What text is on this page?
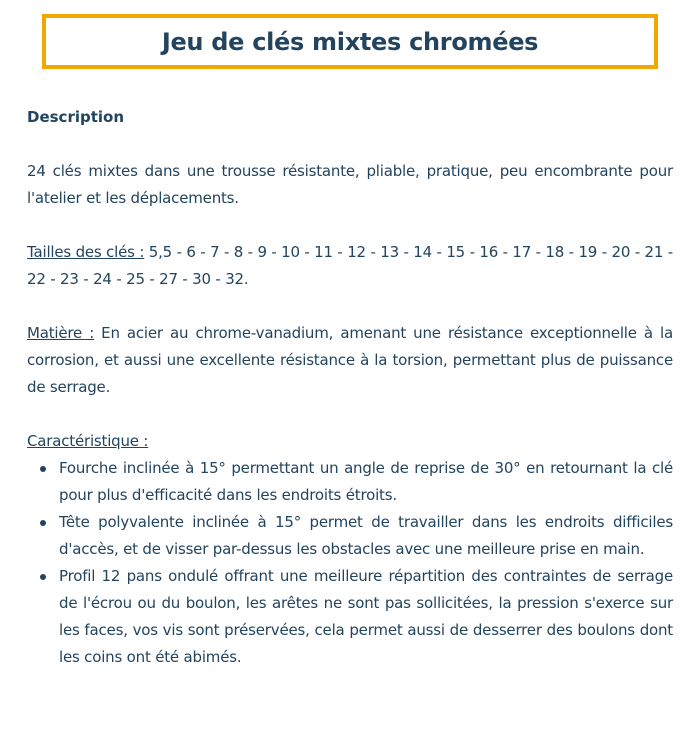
Jeu de clés mixtes chromées
Description

24 clés mixtes dans une trousse résistante, pliable, pratique, peu encombrante pour l'atelier et les déplacements.

Tailles des clés : 5,5 - 6 - 7 - 8 - 9 - 10 - 11 - 12 - 13 - 14 - 15 - 16 - 17 - 18 - 19 - 20 - 21 - 22 - 23 - 24 - 25 - 27 - 30 - 32.

Matière : En acier au chrome-vanadium, amenant une résistance exceptionnelle à la corrosion, et aussi une excellente résistance à la torsion, permettant plus de puissance de serrage.

Caractéristique :
Fourche inclinée à 15° permettant un angle de reprise de 30° en retournant la clé pour plus d'efficacité dans les endroits étroits.
Tête polyvalente inclinée à 15° permet de travailler dans les endroits difficiles d'accès, et de visser par-dessus les obstacles avec une meilleure prise en main.
Profil 12 pans ondulé offrant une meilleure répartition des contraintes de serrage de l'écrou ou du boulon, les arêtes ne sont pas sollicitées, la pression s'exerce sur les faces, vos vis sont préservées, cela permet aussi de desserrer des boulons dont les coins ont été abimés.
